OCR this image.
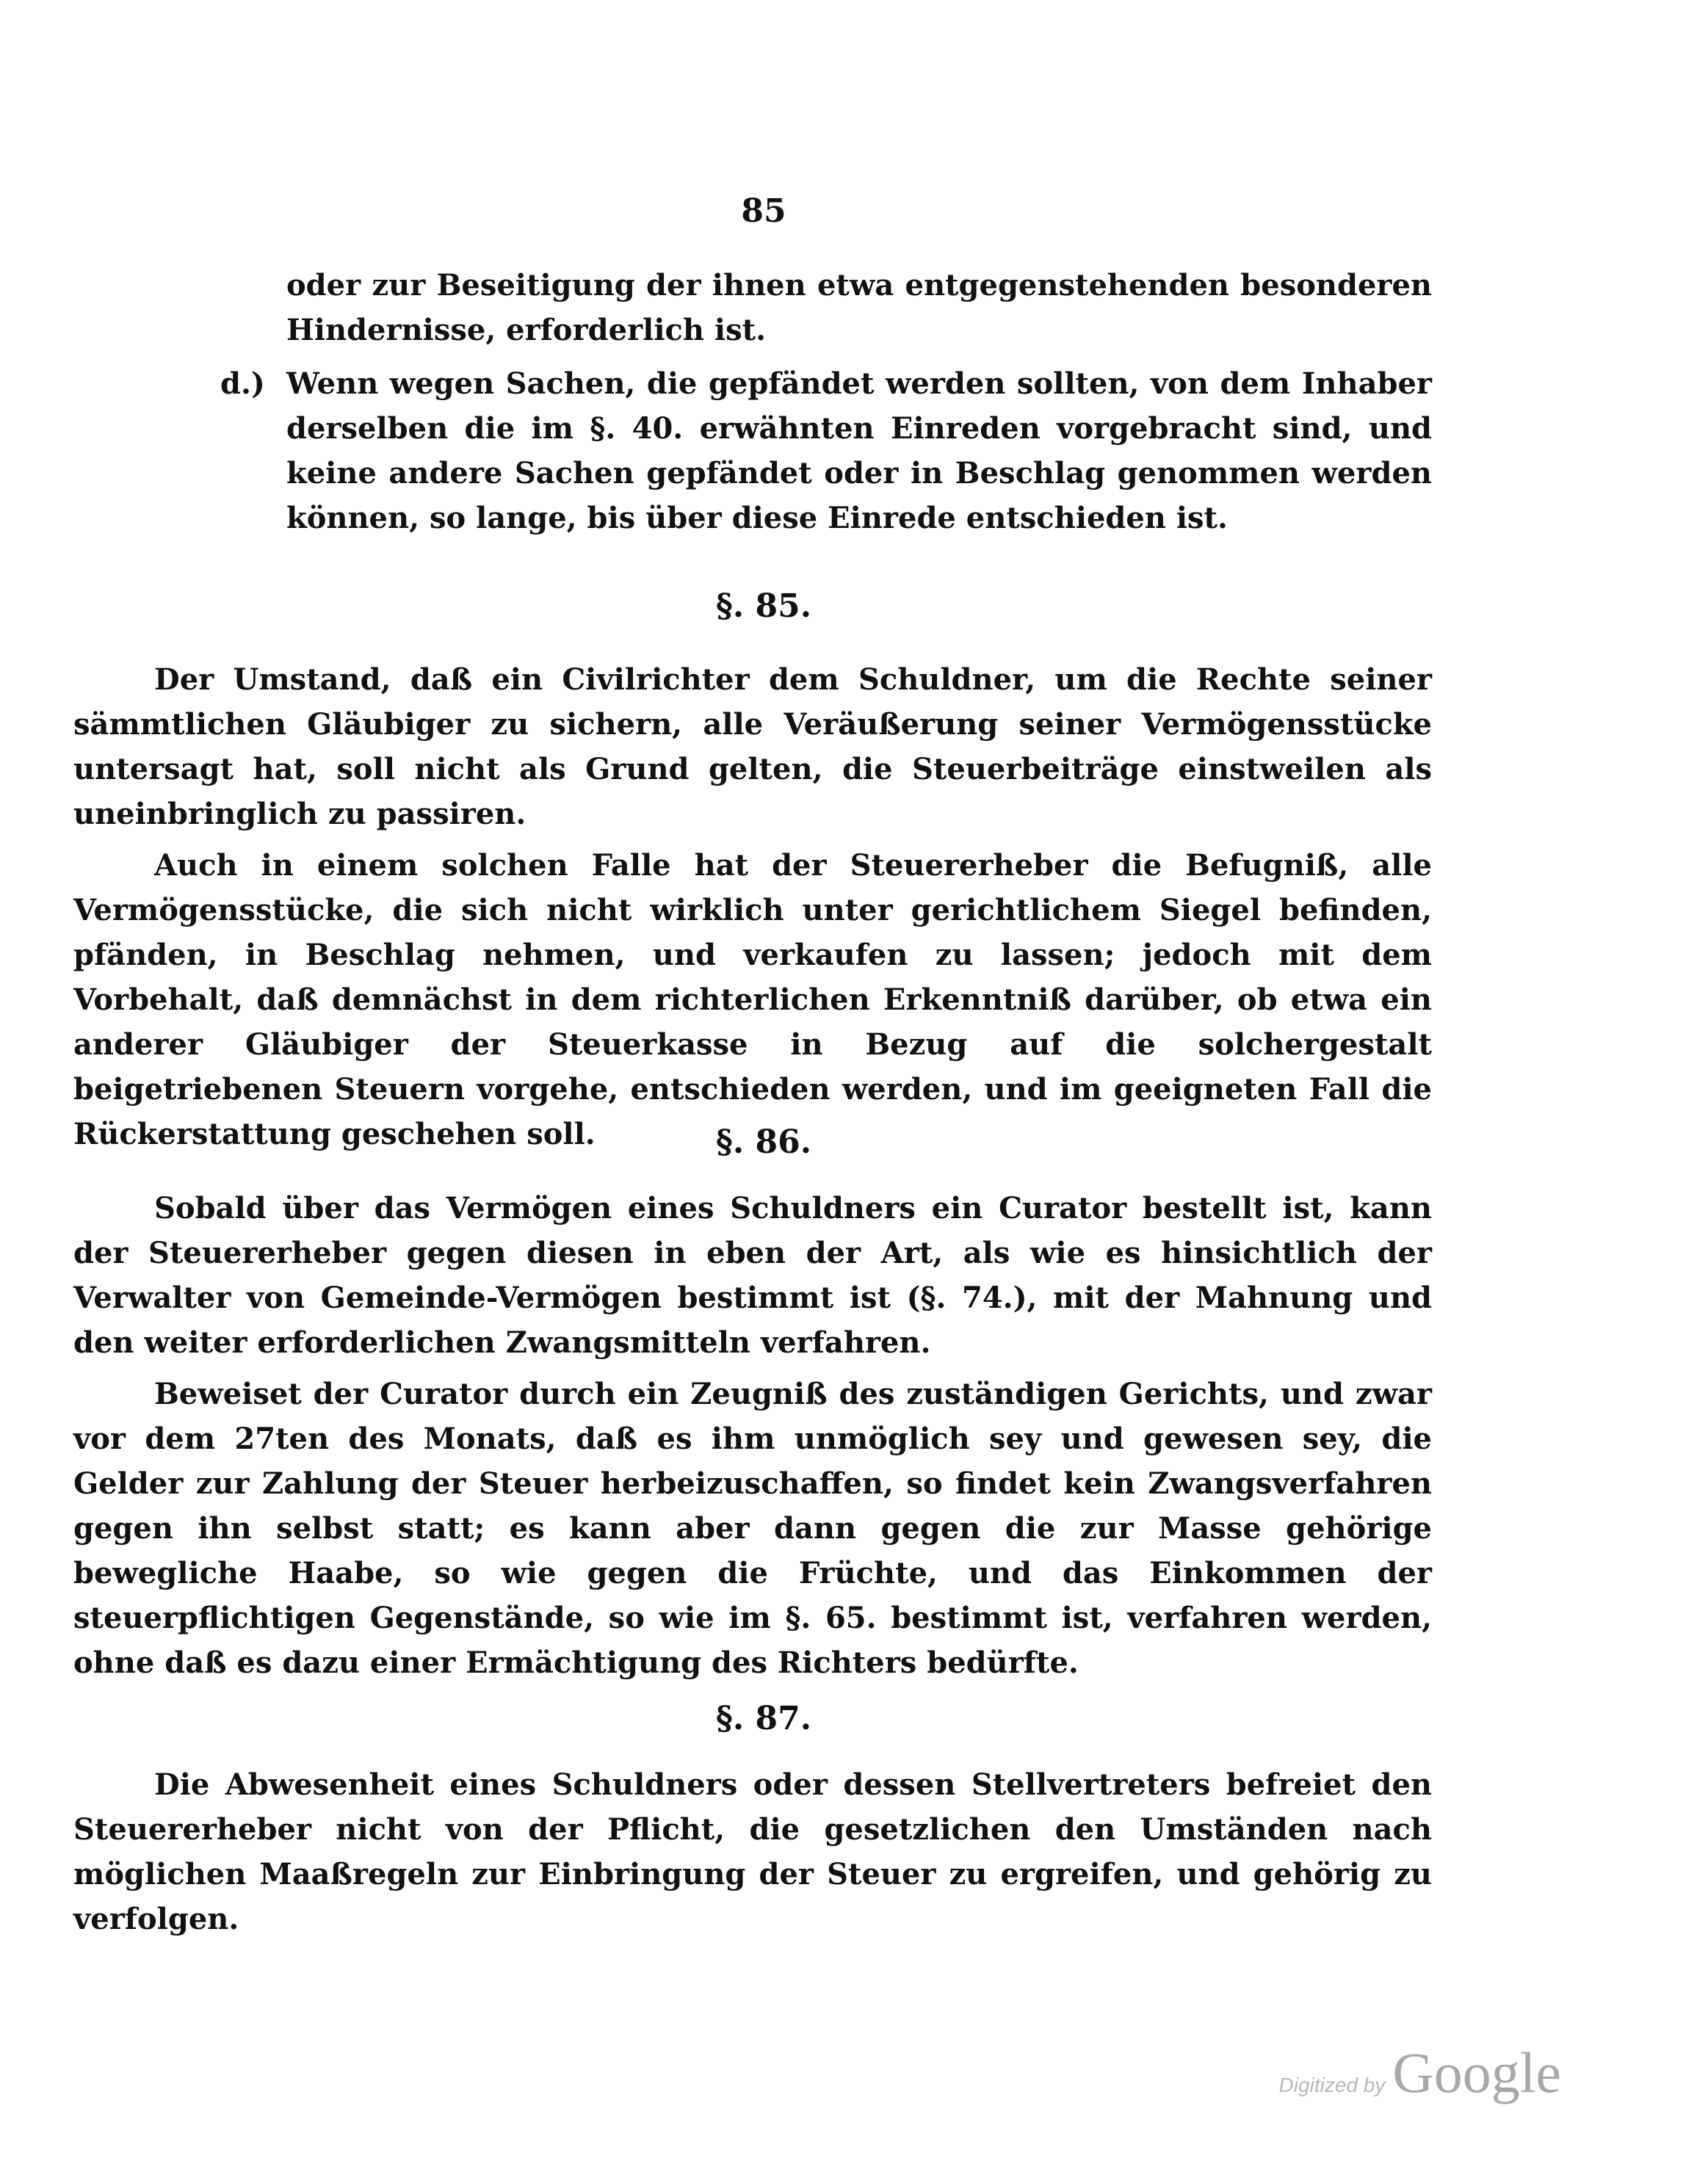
85
oder zur Beseitigung der ihnen etwa entgegenstehenden besonderen Hindernisse, erforderlich ist.
d.) Wenn wegen Sachen, die gepfändet werden sollten, von dem Inhaber derselben die im §. 40. erwähnten Einreden vorgebracht sind, und keine andere Sachen gepfändet oder in Beschlag genommen werden können, so lange, bis über diese Einrede entschieden ist.
§. 85.

Der Umstand, daß ein Civilrichter dem Schuldner, um die Rechte seiner sämmtlichen Gläubiger zu sichern, alle Veräußerung seiner Vermögensstücke untersagt hat, soll nicht als Grund gelten, die Steuerbeiträge einstweilen als uneinbringlich zu passiren.

Auch in einem solchen Falle hat der Steuererheber die Befugniß, alle Vermögensstücke, die sich nicht wirklich unter gerichtlichem Siegel befinden, pfänden, in Beschlag nehmen, und verkaufen zu lassen; jedoch mit dem Vorbehalt, daß demnächst in dem richterlichen Erkenntniß darüber, ob etwa ein anderer Gläubiger der Steuerkasse in Bezug auf die solchergestalt beigetriebenen Steuern vorgehe, entschieden werden, und im geeigneten Fall die Rückerstattung geschehen soll.	§. 86.

Sobald über das Vermögen eines Schuldners ein Curator bestellt ist, kann der Steuererheber gegen diesen in eben der Art, als wie es hinsichtlich der Verwalter von Gemeinde-Vermögen bestimmt ist (§. 74.), mit der Mahnung und den weiter erforderlichen Zwangsmitteln verfahren.

Beweiset der Curator durch ein Zeugniß des zuständigen Gerichts, und zwar vor dem 27ten des Monats, daß es ihm unmöglich sey und gewesen sey, die Gelder zur Zahlung der Steuer herbeizuschaffen, so findet kein Zwangsverfahren gegen ihn selbst statt; es kann aber dann gegen die zur Masse gehörige bewegliche Haabe, so wie gegen die Früchte, und das Einkommen der steuerpflichtigen Gegenstände, so wie im §. 65. bestimmt ist, verfahren werden, ohne daß es dazu einer Ermächtigung des Richters bedürfte.

§. 87.

Die Abwesenheit eines Schuldners oder dessen Stellvertreters befreiet den Steuererheber nicht von der Pflicht, die gesetzlichen den Umständen nach möglichen Maaßregeln zur Einbringung der Steuer zu ergreifen, und gehörig zu verfolgen.

Digitized by Google
